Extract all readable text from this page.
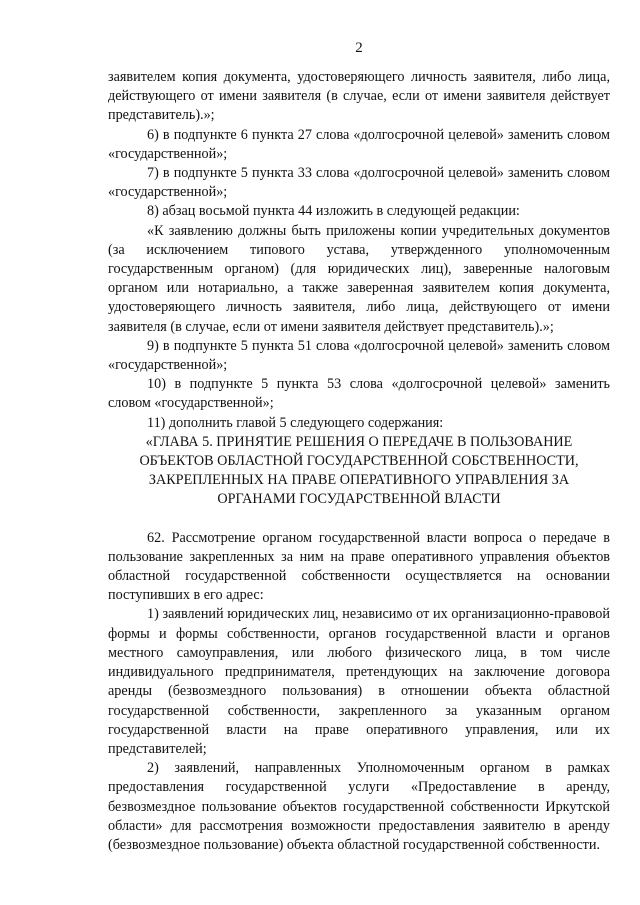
2

заявителем копия документа, удостоверяющего личность заявителя, либо лица, действующего от имени заявителя (в случае, если от имени заявителя действует представитель).»;

6) в подпункте 6 пункта 27 слова «долгосрочной целевой» заменить словом «государственной»;

7) в подпункте 5 пункта 33 слова «долгосрочной целевой» заменить словом «государственной»;

8) абзац восьмой пункта 44 изложить в следующей редакции:

«К заявлению должны быть приложены копии учредительных документов (за исключением типового устава, утвержденного уполномоченным государственным органом) (для юридических лиц), заверенные налоговым органом или нотариально, а также заверенная заявителем копия документа, удостоверяющего личность заявителя, либо лица, действующего от имени заявителя (в случае, если от имени заявителя действует представитель).»;

9) в подпункте 5 пункта 51 слова «долгосрочной целевой» заменить словом «государственной»;

10) в подпункте 5 пункта 53 слова «долгосрочной целевой» заменить словом «государственной»;

11) дополнить главой 5 следующего содержания:

«ГЛАВА 5. ПРИНЯТИЕ РЕШЕНИЯ О ПЕРЕДАЧЕ В ПОЛЬЗОВАНИЕ ОБЪЕКТОВ ОБЛАСТНОЙ ГОСУДАРСТВЕННОЙ СОБСТВЕННОСТИ, ЗАКРЕПЛЕННЫХ НА ПРАВЕ ОПЕРАТИВНОГО УПРАВЛЕНИЯ ЗА ОРГАНАМИ ГОСУДАРСТВЕННОЙ ВЛАСТИ

62. Рассмотрение органом государственной власти вопроса о передаче в пользование закрепленных за ним на праве оперативного управления объектов областной государственной собственности осуществляется на основании поступивших в его адрес:

1) заявлений юридических лиц, независимо от их организационно-правовой формы и формы собственности, органов государственной власти и органов местного самоуправления, или любого физического лица, в том числе индивидуального предпринимателя, претендующих на заключение договора аренды (безвозмездного пользования) в отношении объекта областной государственной собственности, закрепленного за указанным органом государственной власти на праве оперативного управления, или их представителей;

2) заявлений, направленных Уполномоченным органом в рамках предоставления государственной услуги «Предоставление в аренду, безвозмездное пользование объектов государственной собственности Иркутской области» для рассмотрения возможности предоставления заявителю в аренду (безвозмездное пользование) объекта областной государственной собственности.
